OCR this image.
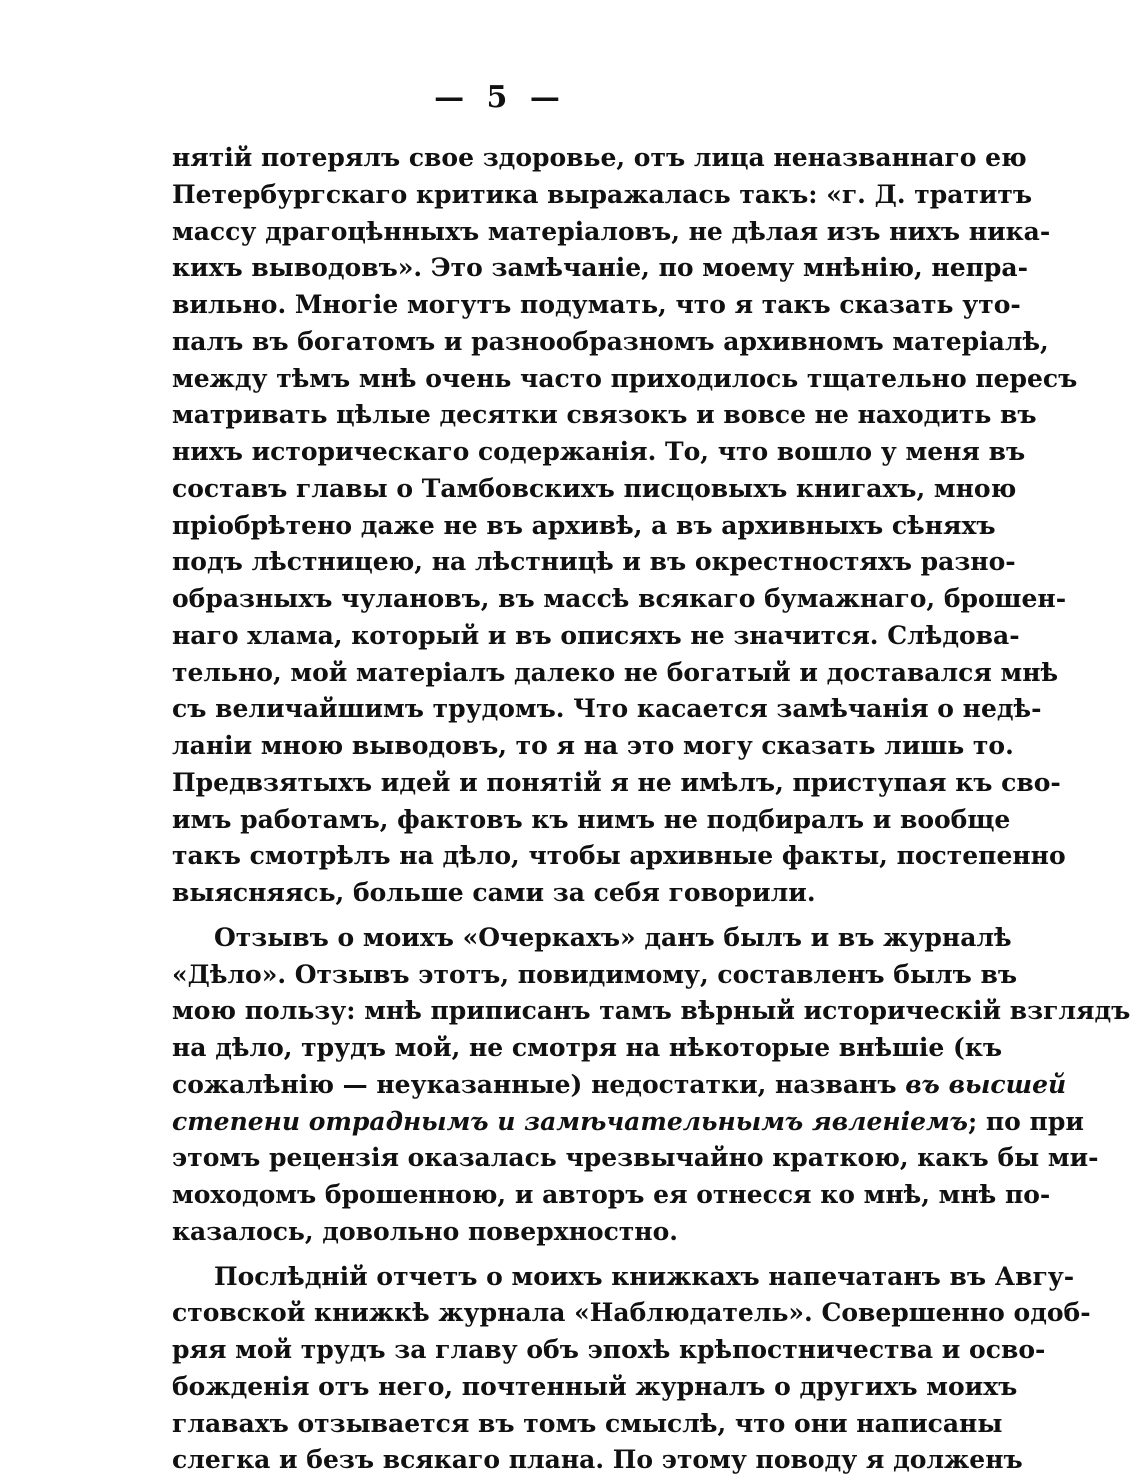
— 5 —
нятій потерялъ свое здоровье, отъ лица неназваннаго ею
Петербургскаго критика выражалась такъ: «г. Д. тратитъ
массу драгоцѣнныхъ матеріаловъ, не дѣлая изъ нихъ никa-
кихъ выводовъ». Это замѣчаніе, по моему мнѣнію, непра-
вильно. Многіе могутъ подумать, что я такъ сказать уто-
палъ въ богатомъ и разнообразномъ архивномъ матеріалѣ,
между тѣмъ мнѣ очень часто приходилось тщательно пересъ
матривать цѣлые десятки связокъ и вовсе не находить въ
нихъ историческаго содержанія. То, что вошло у меня въ
составъ главы о Тамбовскихъ писцовыхъ книгахъ, мною
пріобрѣтено даже не въ архивѣ, а въ архивныхъ сѣняхъ
подъ лѣстницею, на лѣстницѣ и въ окрестностяхъ разно-
образныхъ чулановъ, въ массѣ всякаго бумажнаго, брошен-
наго хлама, который и въ описяхъ не значится. Слѣдова-
тельно, мой матеріалъ далеко не богатый и доставался мнѣ
съ величайшимъ трудомъ. Что касается замѣчанія о недѣ-
ланіи мною выводовъ, то я на это могу сказать лишь то.
Предвзятыхъ идей и понятій я не имѣлъ, приступая къ сво-
имъ работамъ, фактовъ къ нимъ не подбиралъ и вообще
такъ смотрѣлъ на дѣло, чтобы архивные факты, постепенно
выясняясь, больше сами за себя говорили.
Отзывъ о моихъ «Очеркахъ» данъ былъ и въ журналѣ
«Дѣло». Отзывъ этотъ, повидимому, составленъ былъ въ
мою пользу: мнѣ приписанъ тамъ вѣрный историческій взглядъ
на дѣло, трудъ мой, не смотря на нѣкоторые внѣшіе (къ
сожалѣнію — неуказанные) недостатки, названъ въ высшей
степени отраднымъ и замѣчательнымъ явленіемъ; по при
этомъ рецензія оказалась чрезвычайно краткою, какъ бы ми-
моходомъ брошенною, и авторъ ея отнесся ко мнѣ, мнѣ по-
казалось, довольно поверхностно.
Послѣдній отчетъ о моихъ книжкахъ напечатанъ въ Авгу-
стовской книжкѣ журнала «Наблюдатель». Совершенно одоб-
ряя мой трудъ за главу объ эпохѣ крѣпостничества и осво-
божденія отъ него, почтенный журналъ о другихъ моихъ
главахъ отзывается въ томъ смыслѣ, что они написаны
слегка и безъ всякаго плана. По этому поводу я долженъ
